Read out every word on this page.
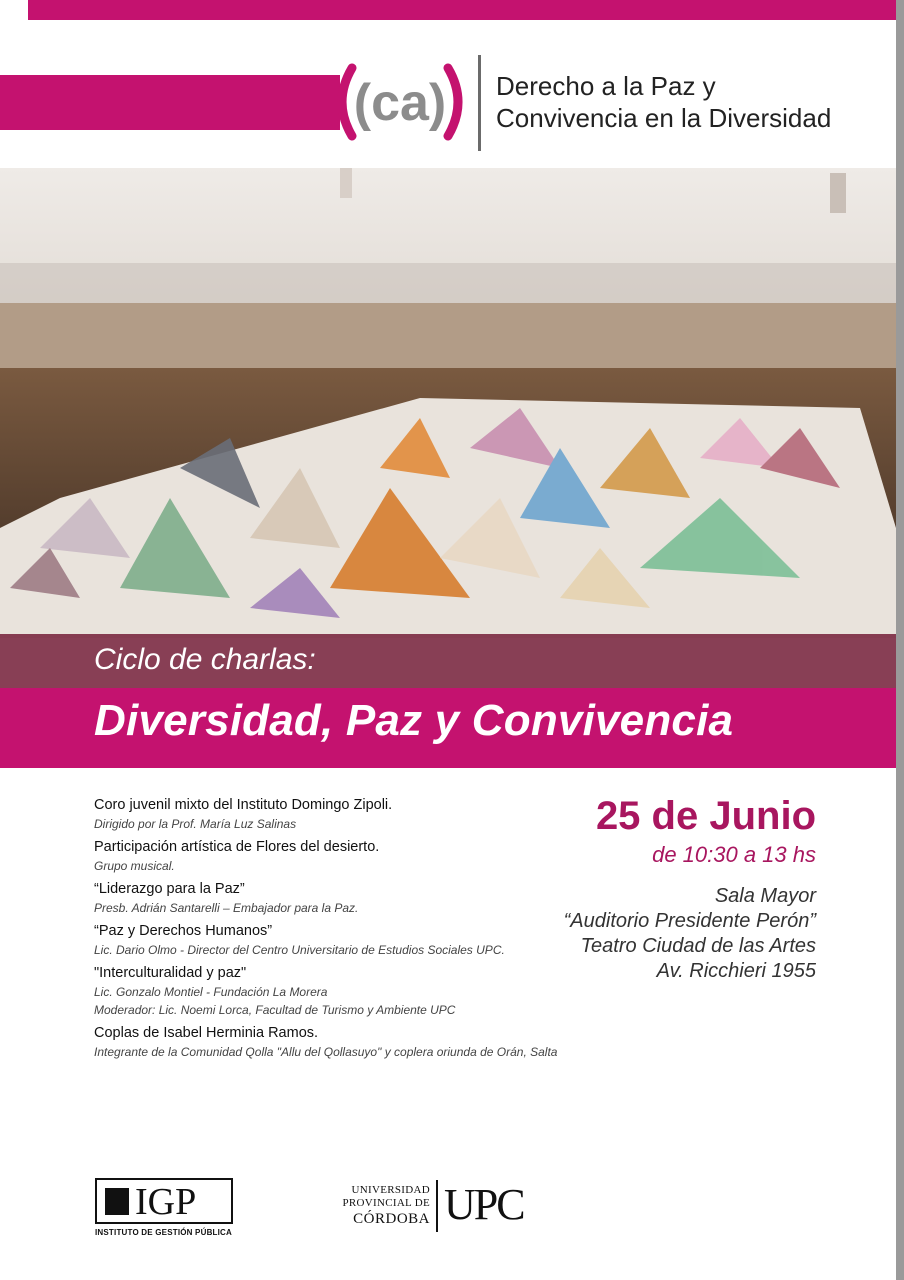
(ca) Derecho a la Paz y
Convivencia en la Diversidad
Ciclo de charlas:
Diversidad, Paz y Convivencia
Coro juvenil mixto del Instituto Domingo Zipoli.
Dirigido por la Prof. María Luz Salinas
Participación artística de Flores del desierto.
Grupo musical.
“Liderazgo para la Paz”
Presb. Adrián Santarelli – Embajador para la Paz.
“Paz y Derechos Humanos”
Lic. Dario Olmo - Director del Centro Universitario de Estudios Sociales UPC.
"Interculturalidad y paz"
Lic. Gonzalo Montiel - Fundación La Morera
Moderador: Lic. Noemi Lorca, Facultad de Turismo y Ambiente UPC
Coplas de Isabel Herminia Ramos.
Integrante de la Comunidad Qolla "Allu del Qollasuyo" y coplera oriunda de Orán, Salta
25 de Junio
de 10:30 a 13 hs
Sala Mayor
“Auditorio Presidente Perón”
Teatro Ciudad de las Artes
Av. Ricchieri 1955
IGP
INSTITUTO DE GESTIÓN PÚBLICA
UNIVERSIDAD
PROVINCIAL DE
CÓRDOBA UPC
